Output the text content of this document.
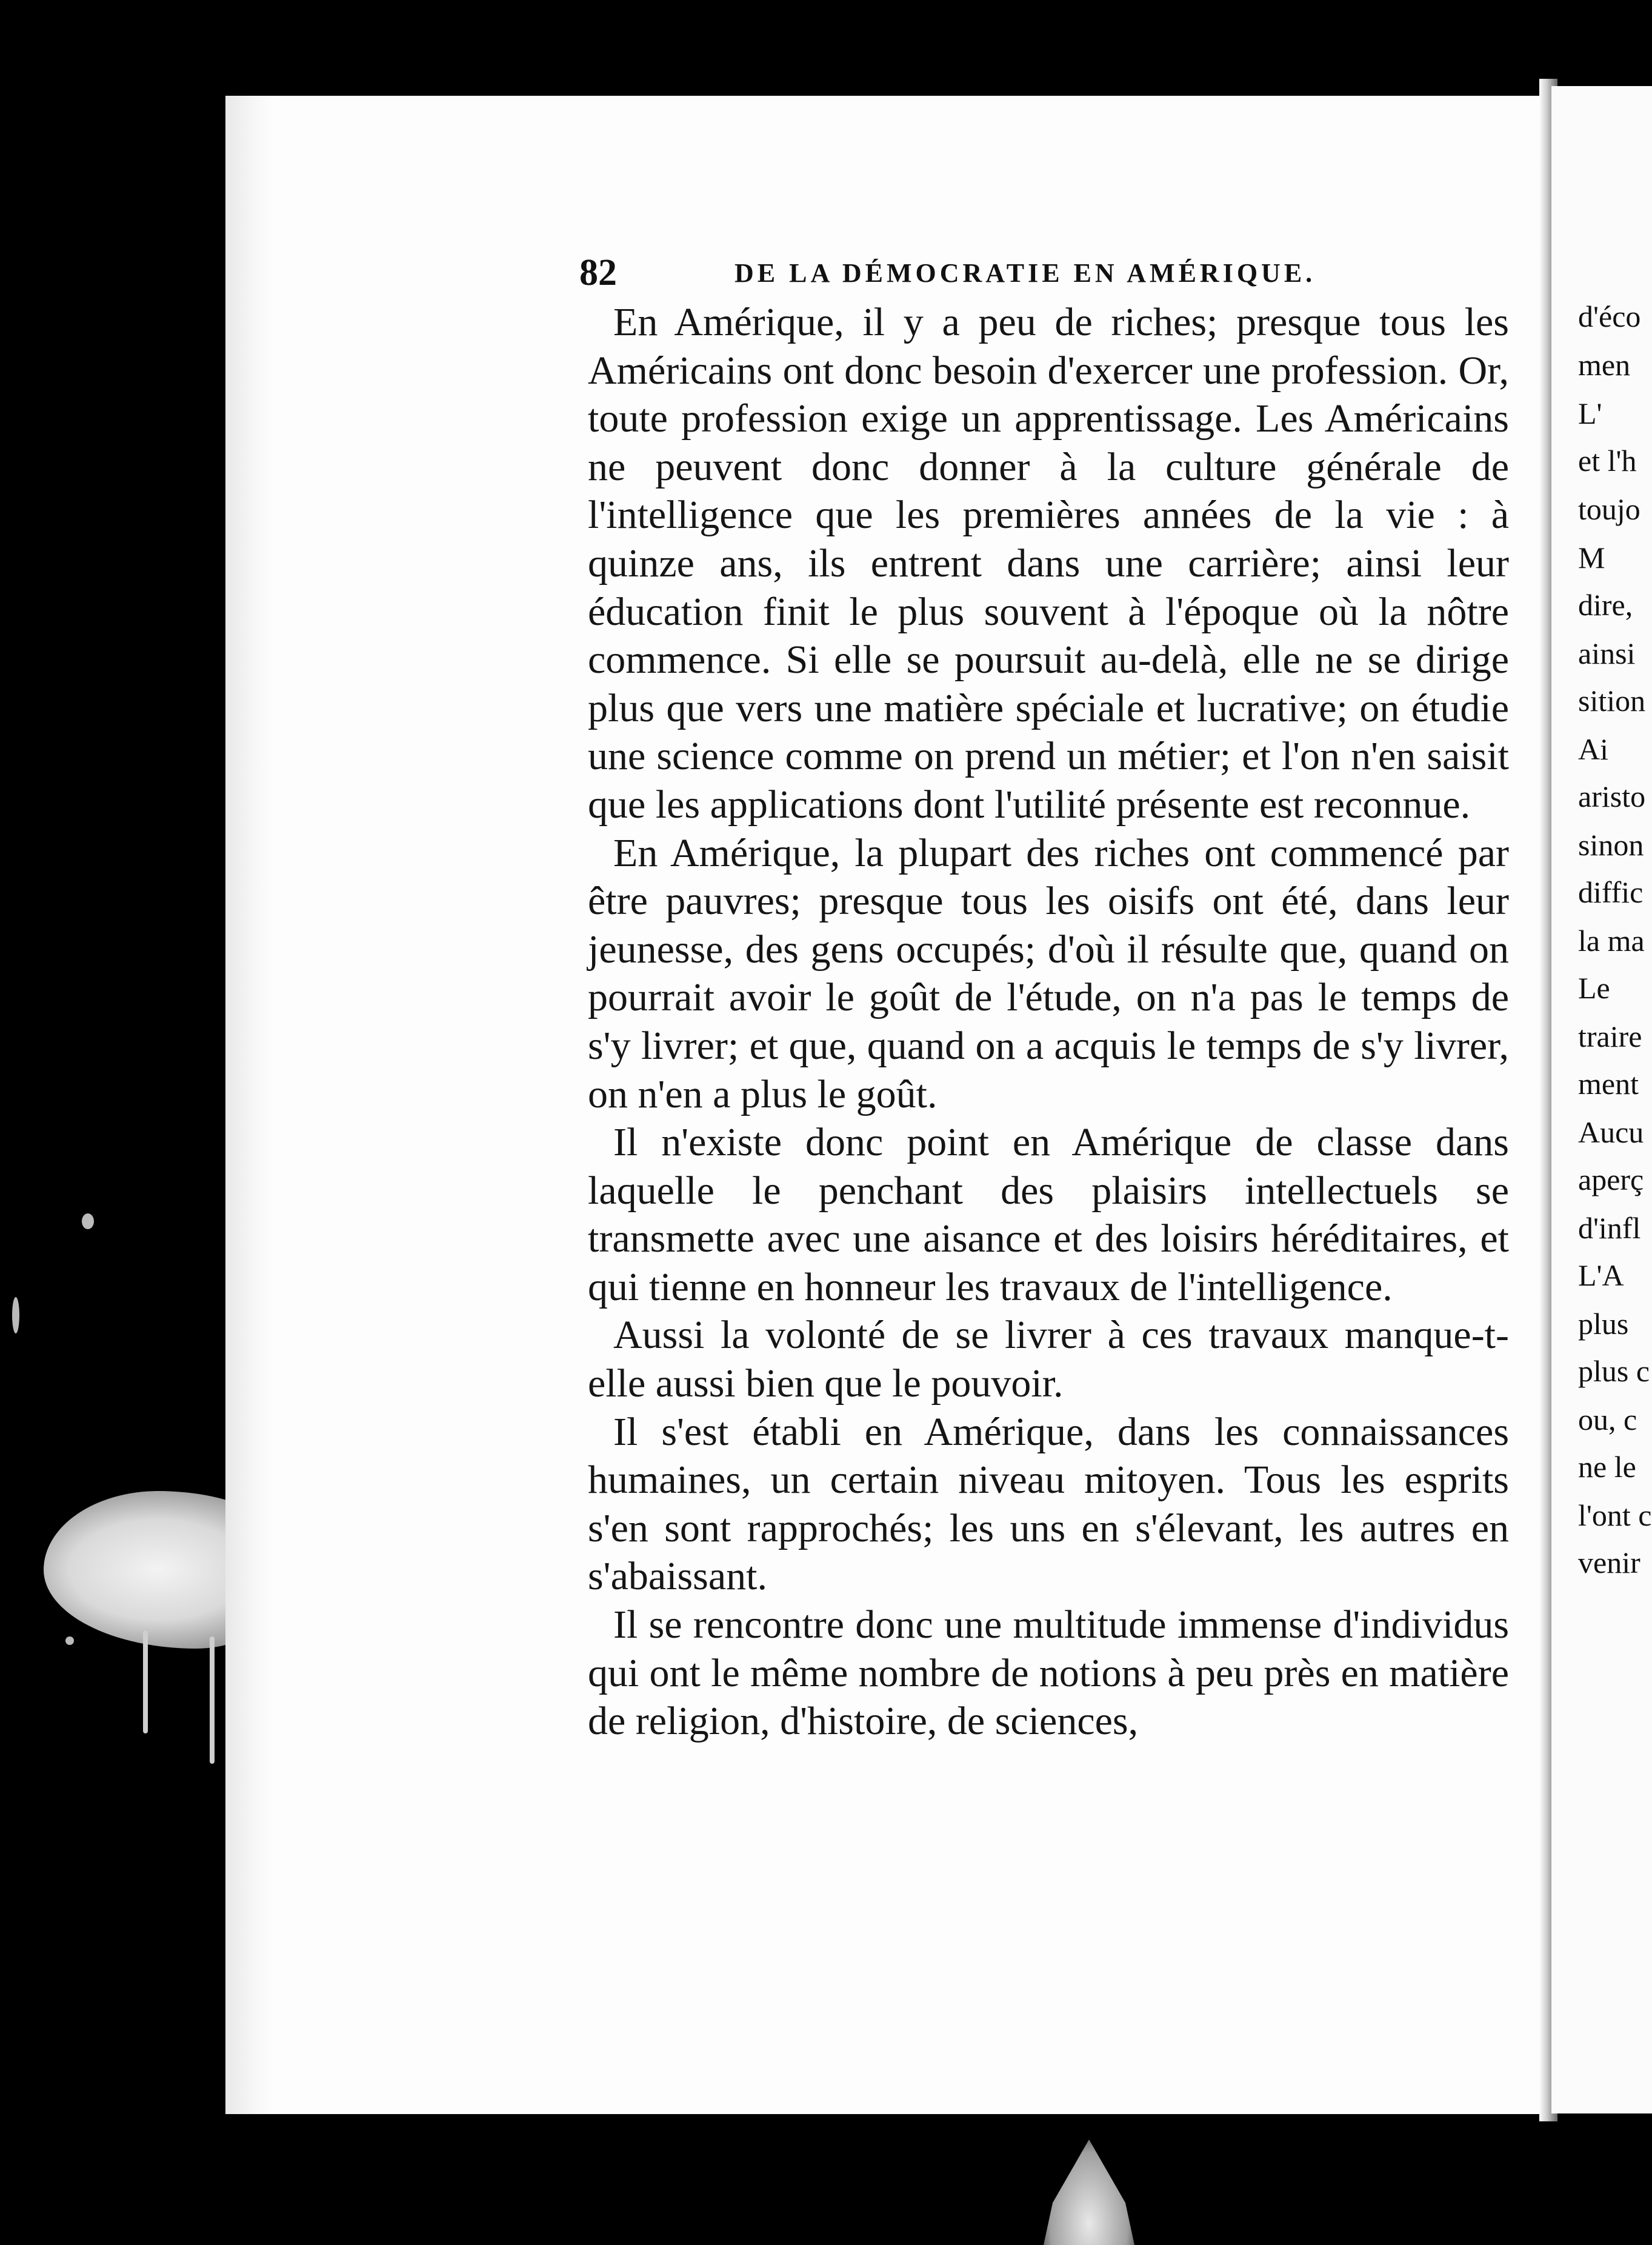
82	DE LA DÉMOCRATIE EN AMÉRIQUE.

En Amérique, il y a peu de riches; presque tous les Américains ont donc besoin d'exercer une profession. Or, toute profession exige un apprentissage. Les Américains ne peuvent donc donner à la culture générale de l'intelligence que les premières années de la vie : à quinze ans, ils entrent dans une carrière; ainsi leur éducation finit le plus souvent à l'époque où la nôtre commence. Si elle se poursuit au-delà, elle ne se dirige plus que vers une matière spéciale et lucrative; on étudie une science comme on prend un métier; et l'on n'en saisit que les applications dont l'utilité présente est reconnue.

En Amérique, la plupart des riches ont commencé par être pauvres; presque tous les oisifs ont été, dans leur jeunesse, des gens occupés; d'où il résulte que, quand on pourrait avoir le goût de l'étude, on n'a pas le temps de s'y livrer; et que, quand on a acquis le temps de s'y livrer, on n'en a plus le goût.

Il n'existe donc point en Amérique de classe dans laquelle le penchant des plaisirs intellectuels se transmette avec une aisance et des loisirs héréditaires, et qui tienne en honneur les travaux de l'intelligence.

Aussi la volonté de se livrer à ces travaux manque-t-elle aussi bien que le pouvoir.

Il s'est établi en Amérique, dans les connaissances humaines, un certain niveau mitoyen. Tous les esprits s'en sont rapprochés; les uns en s'élevant, les autres en s'abaissant.

Il se rencontre donc une multitude immense d'individus qui ont le même nombre de notions à peu près en matière de religion, d'histoire, de sciences,

d'éco
men
L'
et l'h
toujo
M
dire,
ainsi
sition
Ai
aristo
sinon
diffic
la ma
Le
traire
ment
Aucu
aperç
d'infl
L'A
plus
plus c
ou, c
ne le
l'ont c
venir
